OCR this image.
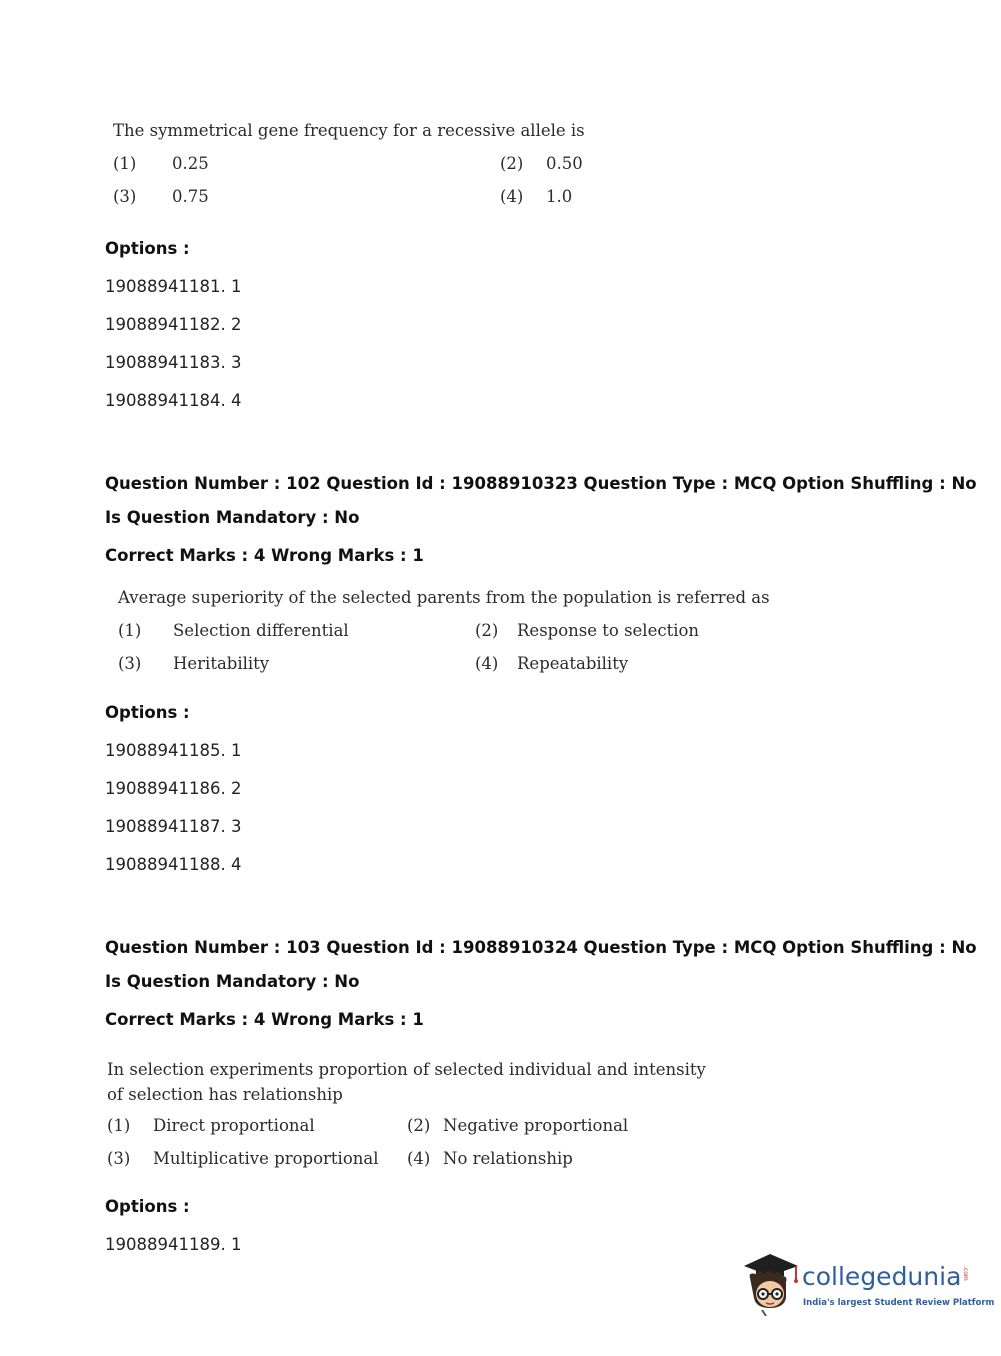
The symmetrical gene frequency for a recessive allele is
(1) 0.25	(2) 0.50
(3) 0.75	(4) 1.0
Options :
19088941181. 1
19088941182. 2
19088941183. 3
19088941184. 4
Question Number : 102 Question Id : 19088910323 Question Type : MCQ Option Shuffling : No
Is Question Mandatory : No
Correct Marks : 4 Wrong Marks : 1
Average superiority of the selected parents from the population is referred as
(1) Selection differential	(2) Response to selection
(3) Heritability	(4) Repeatability
Options :
19088941185. 1
19088941186. 2
19088941187. 3
19088941188. 4
Question Number : 103 Question Id : 19088910324 Question Type : MCQ Option Shuffling : No
Is Question Mandatory : No
Correct Marks : 4 Wrong Marks : 1
In selection experiments proportion of selected individual and intensity of selection has relationship
(1) Direct proportional	(2) Negative proportional
(3) Multiplicative proportional (4) No relationship
Options :
19088941189. 1
collegedunia .com
India's largest Student Review Platform
